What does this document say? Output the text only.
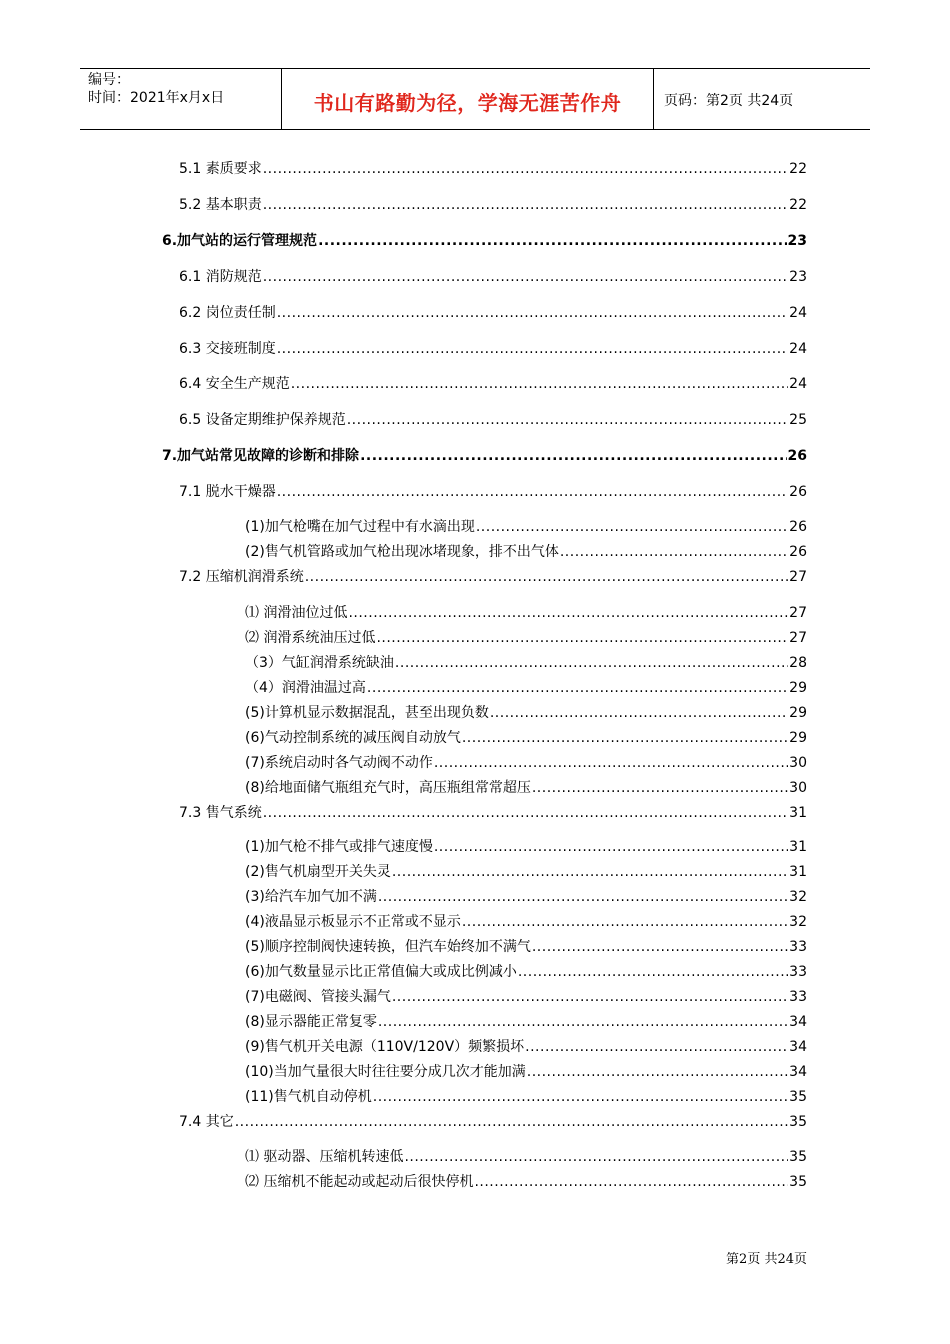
编号：
时间：2021年x月x日	书山有路勤为径，学海无涯苦作舟	页码：第2页 共24页
5.1 素质要求 .....	22
5.2 基本职责 .....	22
6.加气站的运行管理规范 .....	23
6.1 消防规范 .....	23
6.2 岗位责任制 .....	24
6.3 交接班制度 .....	24
6.4 安全生产规范 .....	24
6.5 设备定期维护保养规范 .....	25
7.加气站常见故障的诊断和排除 .....	26
7.1 脱水干燥器 .....	26
(1)加气枪嘴在加气过程中有水滴出现 .....	26
(2)售气机管路或加气枪出现冰堵现象，排不出气体 .....	26
7.2 压缩机润滑系统 .....	27
⑴ 润滑油位过低 .....	27
⑵ 润滑系统油压过低 .....	27
（3）气缸润滑系统缺油 .....	28
（4）润滑油温过高 .....	29
(5)计算机显示数据混乱，甚至出现负数 .....	29
(6)气动控制系统的减压阀自动放气 .....	29
(7)系统启动时各气动阀不动作 .....	30
(8)给地面储气瓶组充气时，高压瓶组常常超压 .....	30
7.3 售气系统 .....	31
(1)加气枪不排气或排气速度慢 .....	31
(2)售气机扇型开关失灵 .....	31
(3)给汽车加气加不满 .....	32
(4)液晶显示板显示不正常或不显示 .....	32
(5)顺序控制阀快速转换，但汽车始终加不满气 .....	33
(6)加气数量显示比正常值偏大或成比例减小 .....	33
(7)电磁阀、管接头漏气 .....	33
(8)显示器能正常复零 .....	34
(9)售气机开关电源（110V/120V）频繁损坏 .....	34
(10)当加气量很大时往往要分成几次才能加满 .....	34
(11)售气机自动停机 .....	35
7.4 其它 .....	35
⑴ 驱动器、压缩机转速低 .....	35
⑵ 压缩机不能起动或起动后很快停机 .....	35
第2页 共24页
